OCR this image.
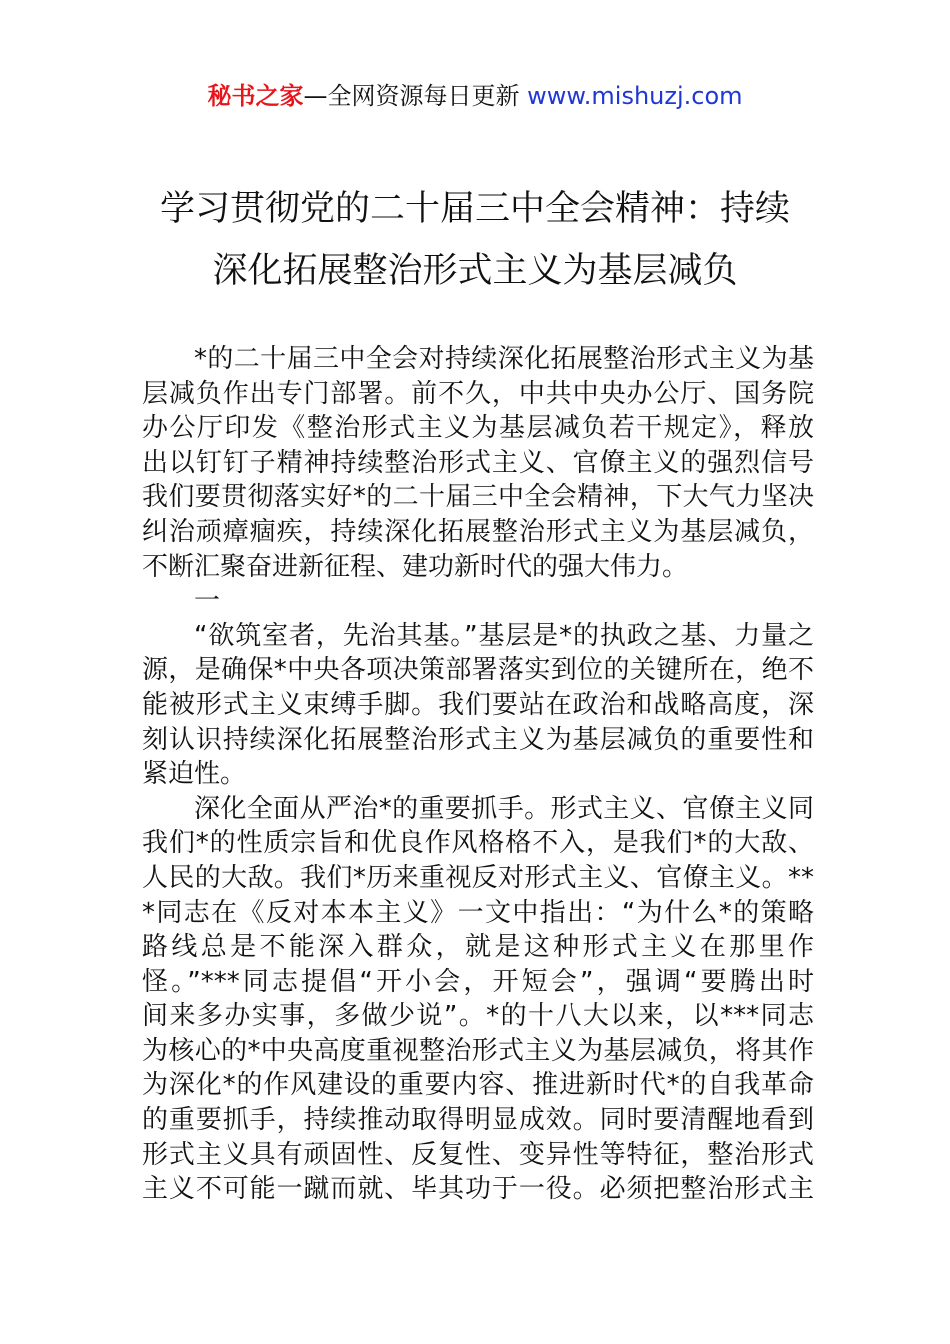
秘书之家—全网资源每日更新 www.mishuzj.com
学习贯彻党的二十届三中全会精神：持续
深化拓展整治形式主义为基层减负
*的二十届三中全会对持续深化拓展整治形式主义为基
层减负作出专门部署。前不久，中共中央办公厅、国务院
办公厅印发《整治形式主义为基层减负若干规定》，释放
出以钉钉子精神持续整治形式主义、官僚主义的强烈信号
我们要贯彻落实好*的二十届三中全会精神，下大气力坚决
纠治顽瘴痼疾，持续深化拓展整治形式主义为基层减负，
不断汇聚奋进新征程、建功新时代的强大伟力。
一
“欲筑室者，先治其基。”基层是*的执政之基、力量之
源，是确保*中央各项决策部署落实到位的关键所在，绝不
能被形式主义束缚手脚。我们要站在政治和战略高度，深
刻认识持续深化拓展整治形式主义为基层减负的重要性和
紧迫性。
深化全面从严治*的重要抓手。形式主义、官僚主义同
我们*的性质宗旨和优良作风格格不入，是我们*的大敌、
人民的大敌。我们*历来重视反对形式主义、官僚主义。**
*同志在《反对本本主义》一文中指出：“为什么*的策略
路线总是不能深入群众，就是这种形式主义在那里作
怪。”***同志提倡“开小会，开短会”，强调“要腾出时
间来多办实事，多做少说”。*的十八大以来，以***同志
为核心的*中央高度重视整治形式主义为基层减负，将其作
为深化*的作风建设的重要内容、推进新时代*的自我革命
的重要抓手，持续推动取得明显成效。同时要清醒地看到
形式主义具有顽固性、反复性、变异性等特征，整治形式
主义不可能一蹴而就、毕其功于一役。必须把整治形式主
